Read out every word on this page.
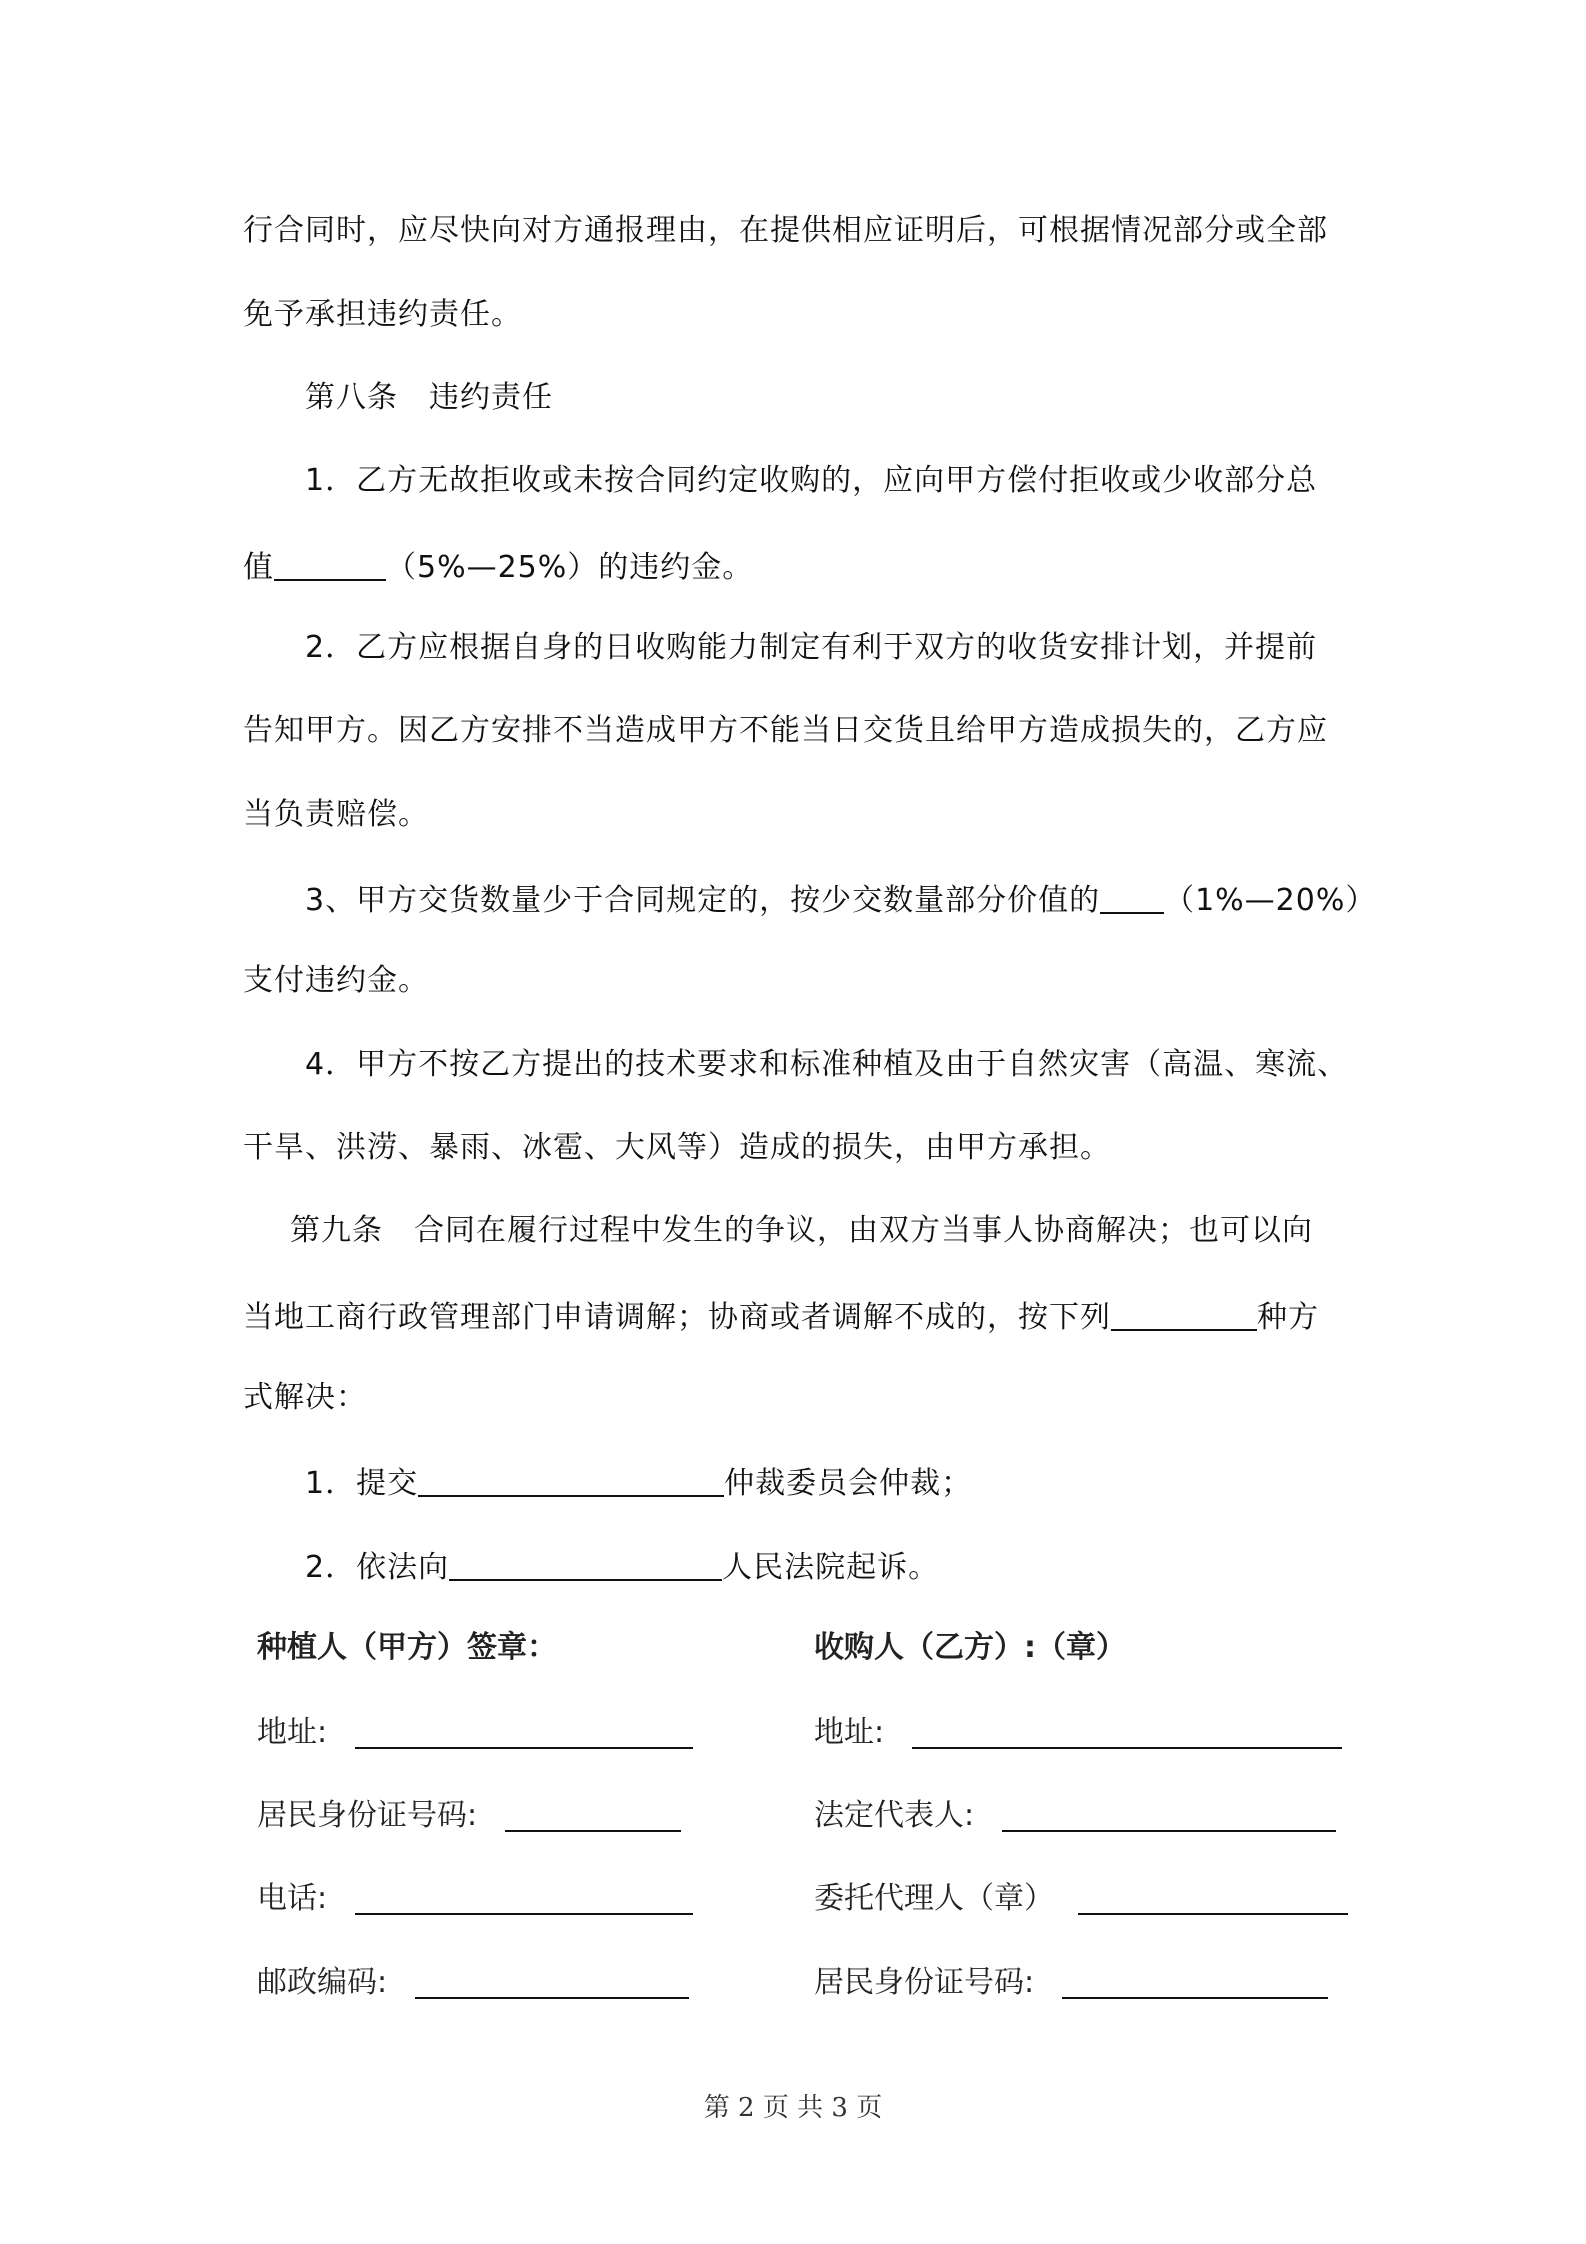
行合同时，应尽快向对方通报理由，在提供相应证明后，可根据情况部分或全部
免予承担违约责任。
第八条　违约责任
1．乙方无故拒收或未按合同约定收购的，应向甲方偿付拒收或少收部分总
值	（5%—25%）的违约金。
2．乙方应根据自身的日收购能力制定有利于双方的收货安排计划，并提前
告知甲方。因乙方安排不当造成甲方不能当日交货且给甲方造成损失的，乙方应
当负责赔偿。
3、甲方交货数量少于合同规定的，按少交数量部分价值的 （1%—20%）
支付违约金。
4．甲方不按乙方提出的技术要求和标准种植及由于自然灾害（高温、寒流、
干旱、洪涝、暴雨、冰雹、大风等）造成的损失，由甲方承担。
第九条　合同在履行过程中发生的争议，由双方当事人协商解决；也可以向
当地工商行政管理部门申请调解；协商或者调解不成的，按下列	种方
式解决：
1．提交	仲裁委员会仲裁；
2．依法向	人民法院起诉。
种植人（甲方）签章：	收购人（乙方）:（章）
地址:	地址:
居民身份证号码:	法定代表人:
电话:	委托代理人（章）
邮政编码:	居民身份证号码:
第 2 页 共 3 页
